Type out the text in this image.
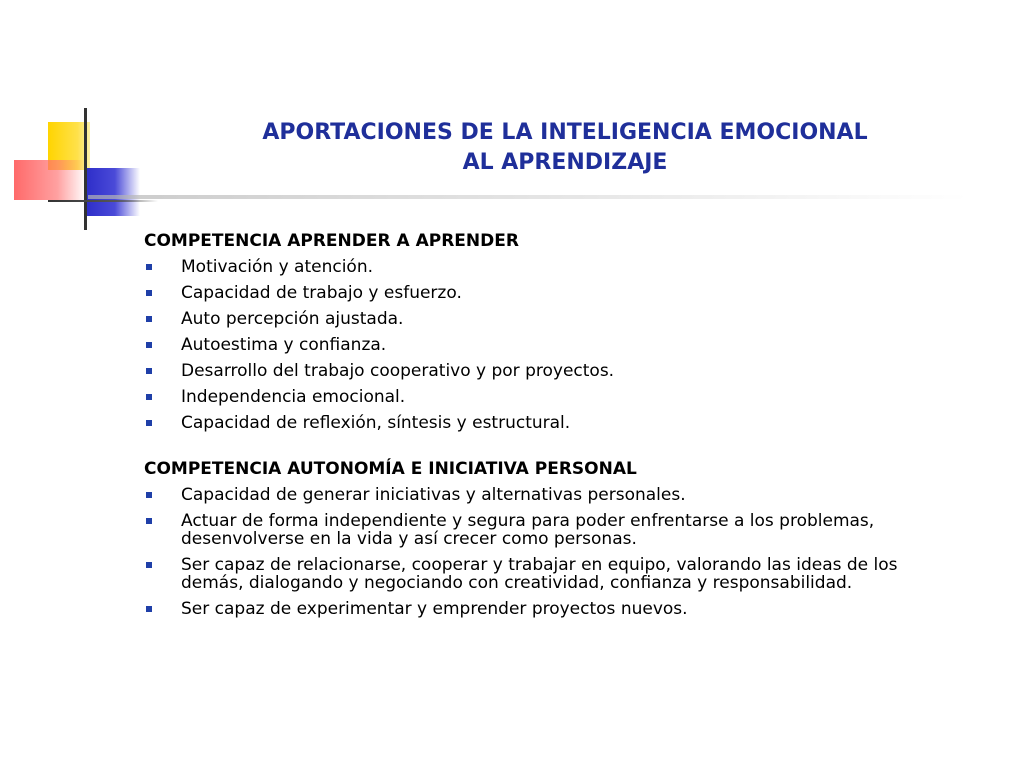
APORTACIONES DE LA INTELIGENCIA EMOCIONAL
AL APRENDIZAJE
COMPETENCIA APRENDER A APRENDER
Motivación y atención.
Capacidad de trabajo y esfuerzo.
Auto percepción ajustada.
Autoestima y confianza.
Desarrollo del trabajo cooperativo y por proyectos.
Independencia emocional.
Capacidad de reflexión, síntesis y estructural.
COMPETENCIA AUTONOMÍA E INICIATIVA PERSONAL
Capacidad de generar iniciativas y alternativas personales.
Actuar de forma independiente y segura para poder enfrentarse a los problemas, desenvolverse en la vida y así crecer como personas.
Ser capaz de relacionarse, cooperar y trabajar en equipo, valorando las ideas de los demás, dialogando y negociando con creatividad, confianza y responsabilidad.
Ser capaz de experimentar y emprender proyectos nuevos.
